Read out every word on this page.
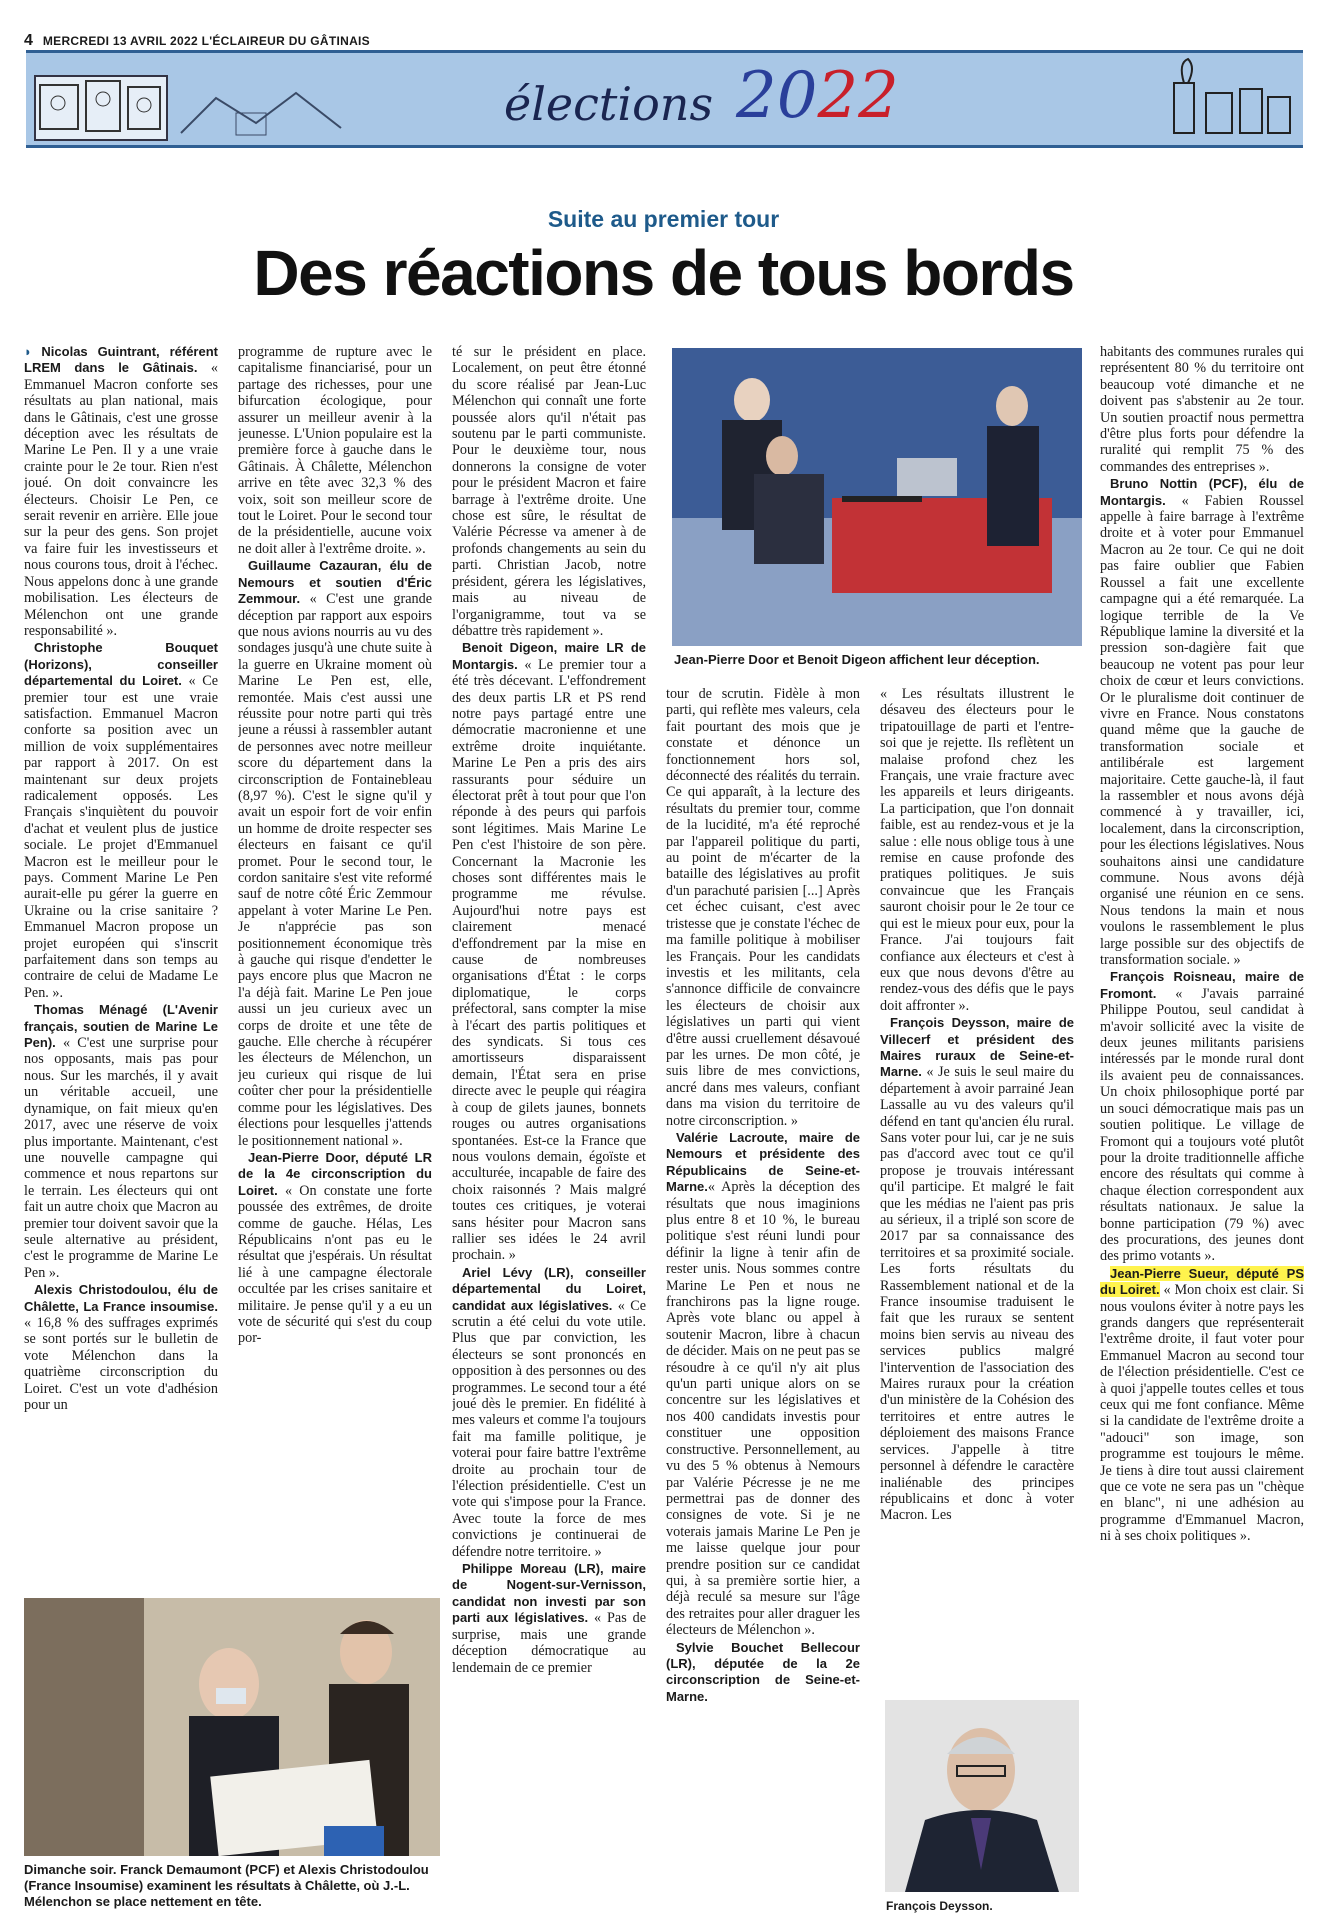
4 MERCREDI 13 AVRIL 2022 L'ÉCLAIREUR DU GÂTINAIS
élections 2022
Suite au premier tour
Des réactions de tous bords

◗ Nicolas Guintrant, référent LREM dans le Gâtinais. « Emmanuel Macron conforte ses résultats au plan national, mais dans le Gâtinais, c'est une grosse déception avec les résultats de Marine Le Pen. Il y a une vraie crainte pour le 2e tour. Rien n'est joué. On doit convaincre les électeurs. Choisir Le Pen, ce serait revenir en arrière. Elle joue sur la peur des gens. Son projet va faire fuir les investisseurs et nous courons tous, droit à l'échec. Nous appelons donc à une grande mobilisation. Les électeurs de Mélenchon ont une grande responsabilité ».

Christophe Bouquet (Horizons), conseiller départemental du Loiret. « Ce premier tour est une vraie satisfaction. Emmanuel Macron conforte sa position avec un million de voix supplémentaires par rapport à 2017. On est maintenant sur deux projets radicalement opposés. Les Français s'inquiètent du pouvoir d'achat et veulent plus de justice sociale. Le projet d'Emmanuel Macron est le meilleur pour le pays. Comment Marine Le Pen aurait-elle pu gérer la guerre en Ukraine ou la crise sanitaire ? Emmanuel Macron propose un projet européen qui s'inscrit parfaitement dans son temps au contraire de celui de Madame Le Pen. ».

Thomas Ménagé (L'Avenir français, soutien de Marine Le Pen). « C'est une surprise pour nos opposants, mais pas pour nous. Sur les marchés, il y avait un véritable accueil, une dynamique, on fait mieux qu'en 2017, avec une réserve de voix plus importante. Maintenant, c'est une nouvelle campagne qui commence et nous repartons sur le terrain. Les électeurs qui ont fait un autre choix que Macron au premier tour doivent savoir que la seule alternative au président, c'est le programme de Marine Le Pen ».

Alexis Christodoulou, élu de Châlette, La France insoumise. « 16,8 % des suffrages exprimés se sont portés sur le bulletin de vote Mélenchon dans la quatrième circonscription du Loiret. C'est un vote d'adhésion pour un

programme de rupture avec le capitalisme financiarisé, pour un partage des richesses, pour une bifurcation écologique, pour assurer un meilleur avenir à la jeunesse. L'Union populaire est la première force à gauche dans le Gâtinais. À Châlette, Mélenchon arrive en tête avec 32,3 % des voix, soit son meilleur score de tout le Loiret. Pour le second tour de la présidentielle, aucune voix ne doit aller à l'extrême droite. ».

Guillaume Cazauran, élu de Nemours et soutien d'Éric Zemmour. « C'est une grande déception par rapport aux espoirs que nous avions nourris au vu des sondages jusqu'à une chute suite à la guerre en Ukraine moment où Marine Le Pen est, elle, remontée. Mais c'est aussi une réussite pour notre parti qui très jeune a réussi à rassembler autant de personnes avec notre meilleur score du département dans la circonscription de Fontainebleau (8,97 %). C'est le signe qu'il y avait un espoir fort de voir enfin un homme de droite respecter ses électeurs en faisant ce qu'il promet. Pour le second tour, le cordon sanitaire s'est vite reformé sauf de notre côté Éric Zemmour appelant à voter Marine Le Pen. Je n'apprécie pas son positionnement économique très à gauche qui risque d'endetter le pays encore plus que Macron ne l'a déjà fait. Marine Le Pen joue aussi un jeu curieux avec un corps de droite et une tête de gauche. Elle cherche à récupérer les électeurs de Mélenchon, un jeu curieux qui risque de lui coûter cher pour la présidentielle comme pour les législatives. Des élections pour lesquelles j'attends le positionnement national ».

Jean-Pierre Door, député LR de la 4e circonscription du Loiret. « On constate une forte poussée des extrêmes, de droite comme de gauche. Hélas, Les Républicains n'ont pas eu le résultat que j'espérais. Un résultat lié à une campagne électorale occultée par les crises sanitaire et militaire. Je pense qu'il y a eu un vote de sécurité qui s'est du coup por-

té sur le président en place. Localement, on peut être étonné du score réalisé par Jean-Luc Mélenchon qui connaît une forte poussée alors qu'il n'était pas soutenu par le parti communiste. Pour le deuxième tour, nous donnerons la consigne de voter pour le président Macron et faire barrage à l'extrême droite. Une chose est sûre, le résultat de Valérie Pécresse va amener à de profonds changements au sein du parti. Christian Jacob, notre président, gérera les législatives, mais au niveau de l'organigramme, tout va se débattre très rapidement ».

Benoit Digeon, maire LR de Montargis. « Le premier tour a été très décevant. L'effondrement des deux partis LR et PS rend notre pays partagé entre une démocratie macronienne et une extrême droite inquiétante. Marine Le Pen a pris des airs rassurants pour séduire un électorat prêt à tout pour que l'on réponde à des peurs qui parfois sont légitimes. Mais Marine Le Pen c'est l'histoire de son père. Concernant la Macronie les choses sont différentes mais le programme me révulse. Aujourd'hui notre pays est clairement menacé d'effondrement par la mise en cause de nombreuses organisations d'État : le corps diplomatique, le corps préfectoral, sans compter la mise à l'écart des partis politiques et des syndicats. Si tous ces amortisseurs disparaissent demain, l'État sera en prise directe avec le peuple qui réagira à coup de gilets jaunes, bonnets rouges ou autres organisations spontanées. Est-ce la France que nous voulons demain, égoïste et acculturée, incapable de faire des choix raisonnés ? Mais malgré toutes ces critiques, je voterai sans hésiter pour Macron sans rallier ses idées le 24 avril prochain. »

Ariel Lévy (LR), conseiller départemental du Loiret, candidat aux législatives. « Ce scrutin a été celui du vote utile. Plus que par conviction, les électeurs se sont prononcés en opposition à des personnes ou des programmes. Le second tour a été joué dès le premier. En fidélité à mes valeurs et comme l'a toujours fait ma famille politique, je voterai pour faire battre l'extrême droite au prochain tour de l'élection présidentielle. C'est un vote qui s'impose pour la France. Avec toute la force de mes convictions je continuerai de défendre notre territoire. »

Philippe Moreau (LR), maire de Nogent-sur-Vernisson, candidat non investi par son parti aux législatives. « Pas de surprise, mais une grande déception démocratique au lendemain de ce premier

tour de scrutin. Fidèle à mon parti, qui reflète mes valeurs, cela fait pourtant des mois que je constate et dénonce un fonctionnement hors sol, déconnecté des réalités du terrain. Ce qui apparaît, à la lecture des résultats du premier tour, comme de la lucidité, m'a été reproché par l'appareil politique du parti, au point de m'écarter de la bataille des législatives au profit d'un parachuté parisien [...] Après cet échec cuisant, c'est avec tristesse que je constate l'échec de ma famille politique à mobiliser les Français. Pour les candidats investis et les militants, cela s'annonce difficile de convaincre les électeurs de choisir aux législatives un parti qui vient d'être aussi cruellement désavoué par les urnes. De mon côté, je suis libre de mes convictions, ancré dans mes valeurs, confiant dans ma vision du territoire de notre circonscription. »

Valérie Lacroute, maire de Nemours et présidente des Républicains de Seine-et-Marne.« Après la déception des résultats que nous imaginions plus entre 8 et 10 %, le bureau politique s'est réuni lundi pour définir la ligne à tenir afin de rester unis. Nous sommes contre Marine Le Pen et nous ne franchirons pas la ligne rouge. Après vote blanc ou appel à soutenir Macron, libre à chacun de décider. Mais on ne peut pas se résoudre à ce qu'il n'y ait plus qu'un parti unique alors on se concentre sur les législatives et nos 400 candidats investis pour constituer une opposition constructive. Personnellement, au vu des 5 % obtenus à Nemours par Valérie Pécresse je ne me permettrai pas de donner des consignes de vote. Si je ne voterais jamais Marine Le Pen je me laisse quelque jour pour prendre position sur ce candidat qui, à sa première sortie hier, a déjà reculé sa mesure sur l'âge des retraites pour aller draguer les électeurs de Mélenchon ».

Sylvie Bouchet Bellecour (LR), députée de la 2e circonscription de Seine-et-Marne.

« Les résultats illustrent le désaveu des électeurs pour le tripatouillage de parti et l'entre-soi que je rejette. Ils reflètent un malaise profond chez les Français, une vraie fracture avec les appareils et leurs dirigeants. La participation, que l'on donnait faible, est au rendez-vous et je la salue : elle nous oblige tous à une remise en cause profonde des pratiques politiques. Je suis convaincue que les Français sauront choisir pour le 2e tour ce qui est le mieux pour eux, pour la France. J'ai toujours fait confiance aux électeurs et c'est à eux que nous devons d'être au rendez-vous des défis que le pays doit affronter ».

François Deysson, maire de Villecerf et président des Maires ruraux de Seine-et-Marne. « Je suis le seul maire du département à avoir parrainé Jean Lassalle au vu des valeurs qu'il défend en tant qu'ancien élu rural. Sans voter pour lui, car je ne suis pas d'accord avec tout ce qu'il propose je trouvais intéressant qu'il participe. Et malgré le fait que les médias ne l'aient pas pris au sérieux, il a triplé son score de 2017 par sa connaissance des territoires et sa proximité sociale. Les forts résultats du Rassemblement national et de la France insoumise traduisent le fait que les ruraux se sentent moins bien servis au niveau des services publics malgré l'intervention de l'association des Maires ruraux pour la création d'un ministère de la Cohésion des territoires et entre autres le déploiement des maisons France services. J'appelle à titre personnel à défendre le caractère inaliénable des principes républicains et donc à voter Macron. Les

habitants des communes rurales qui représentent 80 % du territoire ont beaucoup voté dimanche et ne doivent pas s'abstenir au 2e tour. Un soutien proactif nous permettra d'être plus forts pour défendre la ruralité qui remplit 75 % des commandes des entreprises ».

Bruno Nottin (PCF), élu de Montargis. « Fabien Roussel appelle à faire barrage à l'extrême droite et à voter pour Emmanuel Macron au 2e tour. Ce qui ne doit pas faire oublier que Fabien Roussel a fait une excellente campagne qui a été remarquée. La logique terrible de la Ve République lamine la diversité et la pression son-dagière fait que beaucoup ne votent pas pour leur choix de cœur et leurs convictions. Or le pluralisme doit continuer de vivre en France. Nous constatons quand même que la gauche de transformation sociale et antilibérale est largement majoritaire. Cette gauche-là, il faut la rassembler et nous avons déjà commencé à y travailler, ici, localement, dans la circonscription, pour les élections législatives. Nous souhaitons ainsi une candidature commune. Nous avons déjà organisé une réunion en ce sens. Nous tendons la main et nous voulons le rassemblement le plus large possible sur des objectifs de transformation sociale. »

François Roisneau, maire de Fromont. « J'avais parrainé Philippe Poutou, seul candidat à m'avoir sollicité avec la visite de deux jeunes militants parisiens intéressés par le monde rural dont ils avaient peu de connaissances. Un choix philosophique porté par un souci démocratique mais pas un soutien politique. Le village de Fromont qui a toujours voté plutôt pour la droite traditionnelle affiche encore des résultats qui comme à chaque élection correspondent aux résultats nationaux. Je salue la bonne participation (79 %) avec des procurations, des jeunes dont des primo votants ».

Jean-Pierre Sueur, député PS du Loiret. « Mon choix est clair. Si nous voulons éviter à notre pays les grands dangers que représenterait l'extrême droite, il faut voter pour Emmanuel Macron au second tour de l'élection présidentielle. C'est ce à quoi j'appelle toutes celles et tous ceux qui me font confiance. Même si la candidate de l'extrême droite a "adouci" son image, son programme est toujours le même. Je tiens à dire tout aussi clairement que ce vote ne sera pas un "chèque en blanc", ni une adhésion au programme d'Emmanuel Macron, ni à ses choix politiques ».

Jean-Pierre Door et Benoit Digeon affichent leur déception.
Dimanche soir. Franck Demaumont (PCF) et Alexis Christodoulou (France Insoumise) examinent les résultats à Châlette, où J.-L. Mélenchon se place nettement en tête.	François Deysson.
